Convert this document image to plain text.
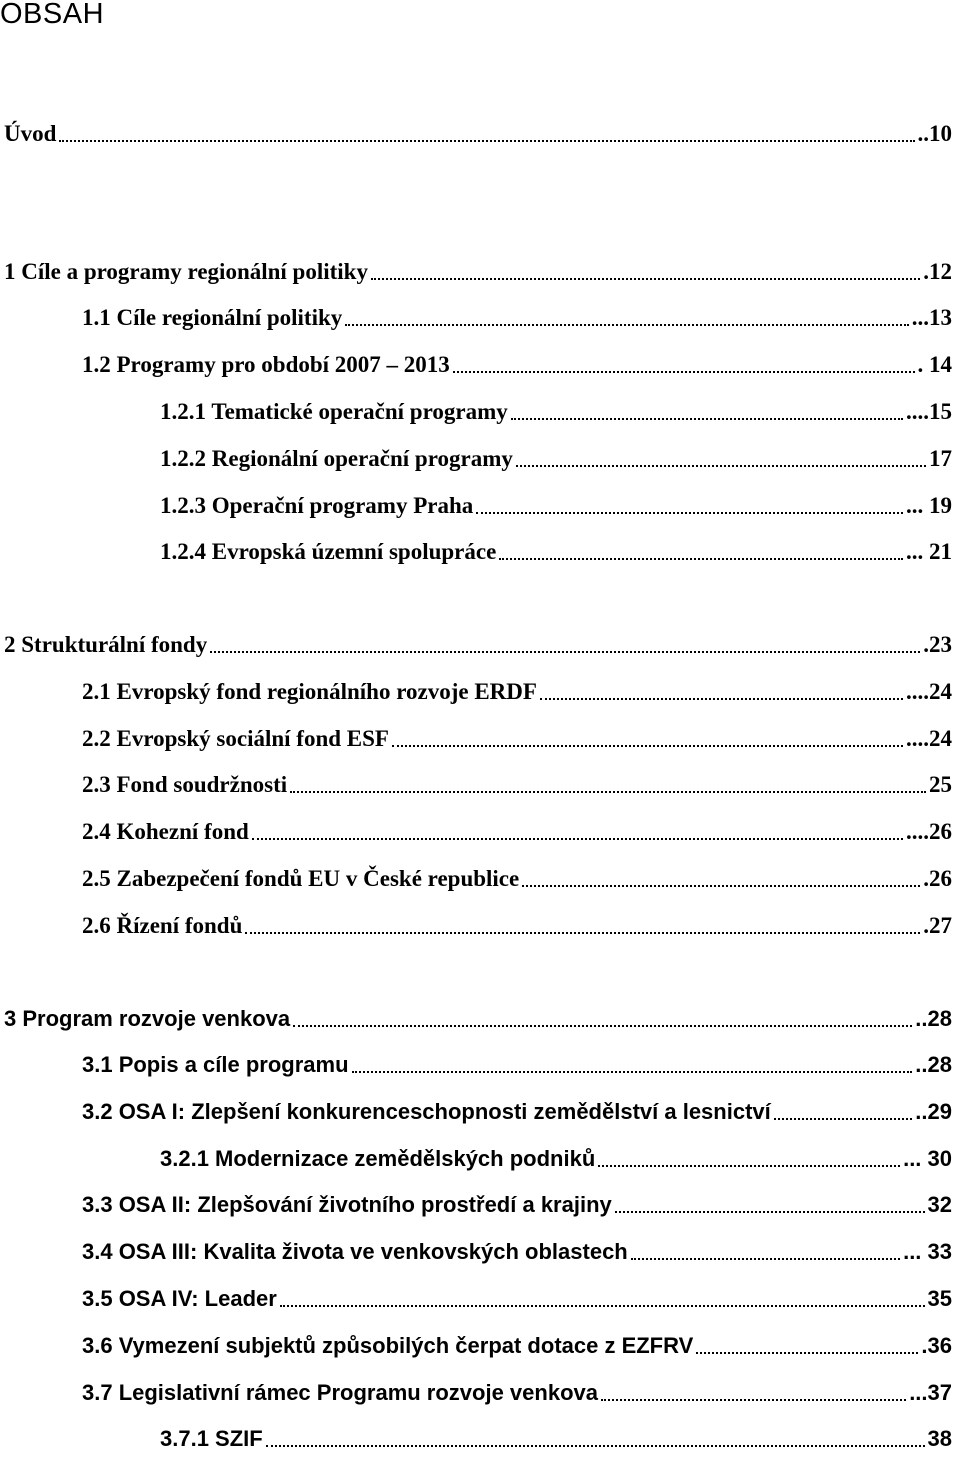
OBSAH
Úvod	..10
1 Cíle a programy regionální politiky	.12
1.1 Cíle regionální politiky	...13
1.2 Programy pro období 2007 – 2013	. 14
1.2.1 Tematické operační programy	....15
1.2.2 Regionální operační programy	17
1.2.3 Operační programy Praha	... 19
1.2.4 Evropská územní spolupráce	... 21
2 Strukturální fondy	.23
2.1 Evropský fond regionálního rozvoje ERDF	....24
2.2 Evropský sociální fond ESF	....24
2.3 Fond soudržnosti	25
2.4 Kohezní fond	....26
2.5 Zabezpečení fondů EU v České republice	.26
2.6 Řízení fondů	.27
3 Program rozvoje venkova	..28
3.1 Popis a cíle programu	..28
3.2 OSA I: Zlepšení konkurenceschopnosti zemědělství a lesnictví	..29
3.2.1 Modernizace zemědělských podniků	... 30
3.3 OSA II: Zlepšování životního prostředí a krajiny	32
3.4 OSA III: Kvalita života ve venkovských oblastech	... 33
3.5 OSA IV: Leader	35
3.6 Vymezení subjektů způsobilých čerpat dotace z EZFRV	.36
3.7 Legislativní rámec Programu rozvoje venkova	...37
3.7.1 SZIF	38
